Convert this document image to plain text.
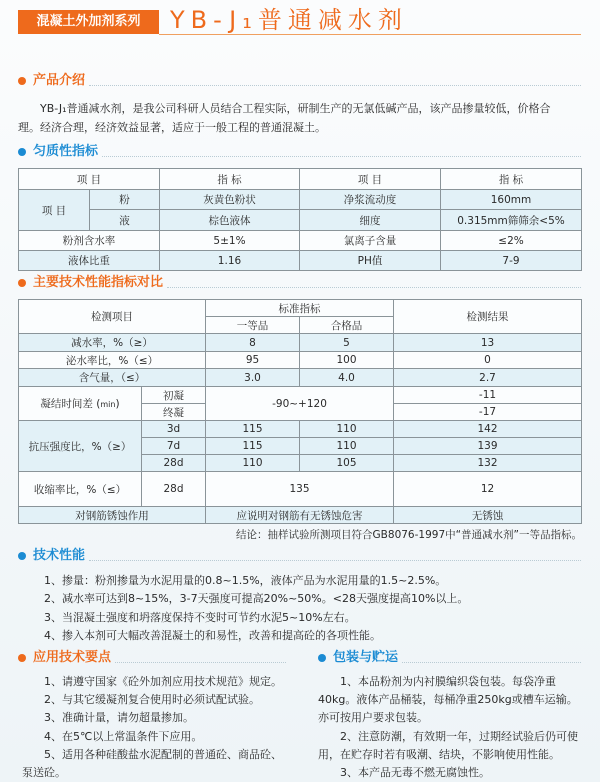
混凝土外加剂系列	YB-J₁普通减水剂
产品介绍
YB-J₁普通减水剂，是我公司科研人员结合工程实际，研制生产的无氯低碱产品，该产品掺量较低，价格合
理。经济合理，经济效益显著，适应于一般工程的普通混凝土。
匀质性指标
项 目		指 标	项 目	指 标
项 目	粉	灰黄色粉状	净浆流动度	160mm
	液	棕色液体	细度	0.315mm筛筛余<5%
粉剂含水率		5±1%	氯离子含量	≤2%
液体比重		1.16	PH值	7-9
主要技术性能指标对比
检测项目		标准指标		检测结果
		一等品	合格品	
减水率，%（≥）		8	5	13
泌水率比，%（≤）		95	100	0
含气量，（≤）		3.0	4.0	2.7
凝结时间差 (min)	初凝	-90~+120		-11
	终凝			-17
抗压强度比，%（≥）	3d	115	110	142
	7d	115	110	139
	28d	110	105	132
收缩率比，%（≤）	28d	135		12
对钢筋锈蚀作用		应说明对钢筋有无锈蚀危害		无锈蚀
结论：抽样试验所测项目符合GB8076-1997中“普通减水剂”一等品指标。
技术性能
1、掺量：粉剂掺量为水泥用量的0.8~1.5%，液体产品为水泥用量的1.5~2.5%。
2、减水率可达到8~15%，3-7天强度可提高20%~50%。<28天强度提高10%以上。
3、当混凝土强度和坍落度保持不变时可节约水泥5~10%左右。
4、掺入本剂可大幅改善混凝土的和易性，改善和提高砼的各项性能。
应用技术要点
1、请遵守国家《砼外加剂应用技术规范》规定。
2、与其它缓凝剂复合使用时必须试配试验。
3、准确计量，请勿超量掺加。
4、在5℃以上常温条件下应用。
5、适用各种硅酸盐水泥配制的普通砼、商品砼、
泵送砼。
包装与贮运
1、本品粉剂为内衬膜编织袋包装。每袋净重
40kg。液体产品桶装，每桶净重250kg或槽车运输。
亦可按用户要求包装。
2、注意防潮，有效期一年，过期经试验后仍可使
用，在贮存时若有吸潮、结块，不影响使用性能。
3、本产品无毒不燃无腐蚀性。
